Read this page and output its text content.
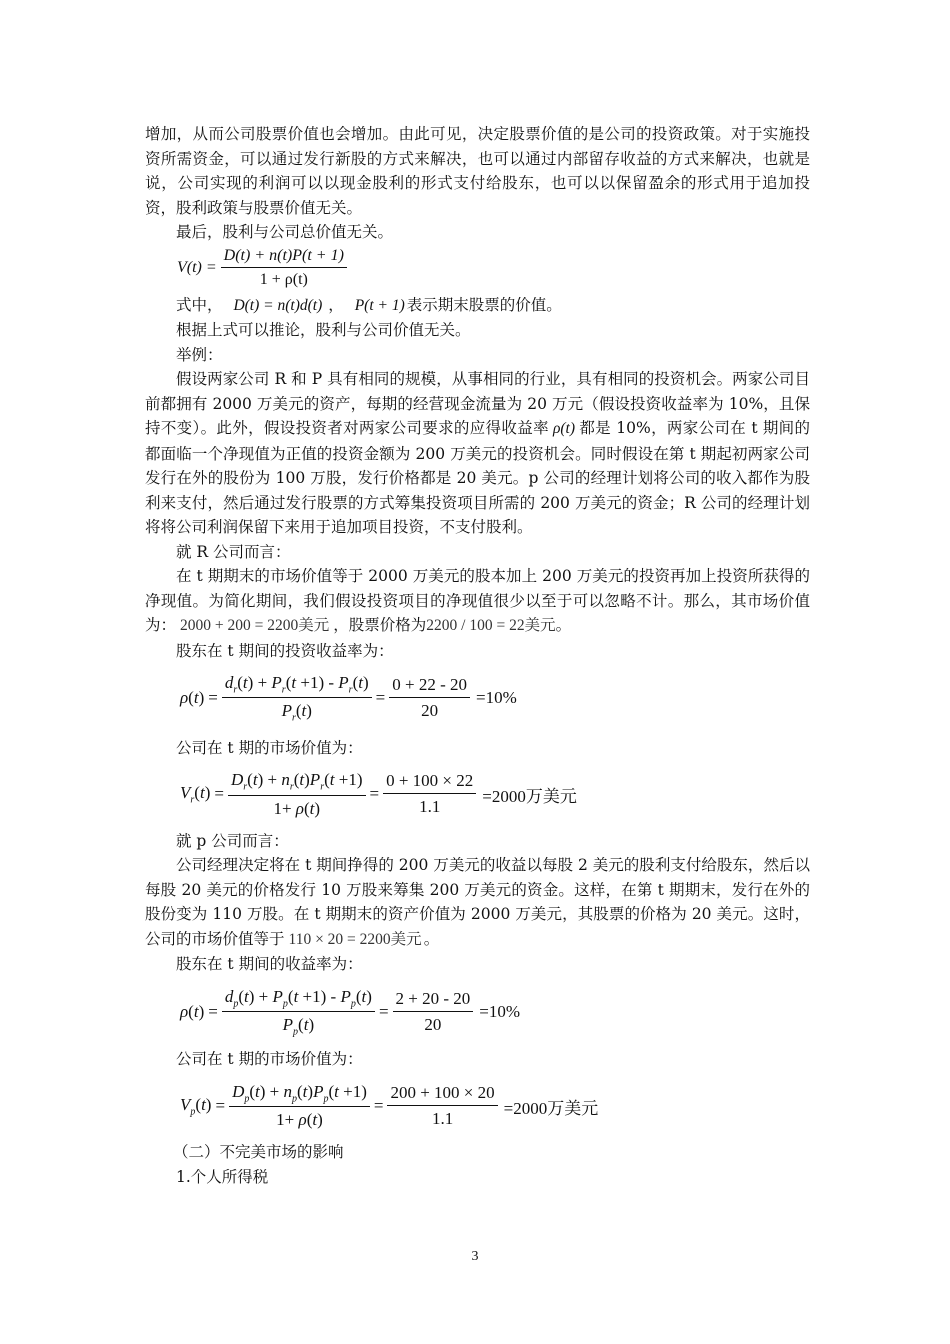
增加，从而公司股票价值也会增加。由此可见，决定股票价值的是公司的投资政策。对于实施投资所需资金，可以通过发行新股的方式来解决，也可以通过内部留存收益的方式来解决，也就是说，公司实现的利润可以以现金股利的形式支付给股东，也可以以保留盈余的形式用于追加投资，股利政策与股票价值无关。

最后，股利与公司总价值无关。

$V(t) = \frac{D(t) + n(t)P(t + 1)}{1 + \rho(t)}$

式中， D(t) = n(t)d(t) ， P(t + 1) 表示期末股票的价值。

根据上式可以推论，股利与公司价值无关。

举例：

假设两家公司 R 和 P 具有相同的规模，从事相同的行业，具有相同的投资机会。两家公司目前都拥有 2000 万美元的资产，每期的经营现金流量为 20 万元（假设投资收益率为 10%，且保持不变）。此外，假设投资者对两家公司要求的应得收益率 ρ(t) 都是 10%，两家公司在 t 期间的都面临一个净现值为正值的投资金额为 200 万美元的投资机会。同时假设在第 t 期起初两家公司发行在外的股份为 100 万股，发行价格都是 20 美元。p 公司的经理计划将公司的收入都作为股利来支付，然后通过发行股票的方式筹集投资项目所需的 200 万美元的资金；R 公司的经理计划将将公司利润保留下来用于追加项目投资，不支付股利。

就 R 公司而言：

在 t 期期末的市场价值等于 2000 万美元的股本加上 200 万美元的投资再加上投资所获得的净现值。为简化期间，我们假设投资项目的净现值很少以至于可以忽略不计。那么，其市场价值为： 2000 + 200 = 2200美元 ，股票价格为2200 / 100 = 22美元。

股东在 t 期间的投资收益率为：

$\rho(t) = \frac{d_r(t) + P_r(t +1) - P_r(t)}{P_r(t)} = \frac{0 + 22 - 20}{20} =10\%$

公司在 t 期的市场价值为：

$V_r(t) = \frac{D_r(t) + n_r(t)P_r(t +1)}{1+ \rho(t)} = \frac{0 + 100 \times 22}{1.1} =2000$万美元

就 p 公司而言：

公司经理决定将在 t 期间挣得的 200 万美元的收益以每股 2 美元的股利支付给股东，然后以每股 20 美元的价格发行 10 万股来筹集 200 万美元的资金。这样，在第 t 期期末，发行在外的股份变为 110 万股。在 t 期期末的资产价值为 2000 万美元，其股票的价格为 20 美元。这时，公司的市场价值等于 110 × 20 = 2200美元 。

股东在 t 期间的收益率为：

$\rho(t) = \frac{d_p(t) + P_p(t +1) - P_p(t)}{P_p(t)} = \frac{2 + 20 - 20}{20} =10\%$

公司在 t 期的市场价值为：

$V_p(t) = \frac{D_p(t) + n_p(t)P_p(t +1)}{1+ \rho(t)} = \frac{200 + 100 \times 20}{1.1} =2000$万美元

（二）不完美市场的影响

1.个人所得税

3
